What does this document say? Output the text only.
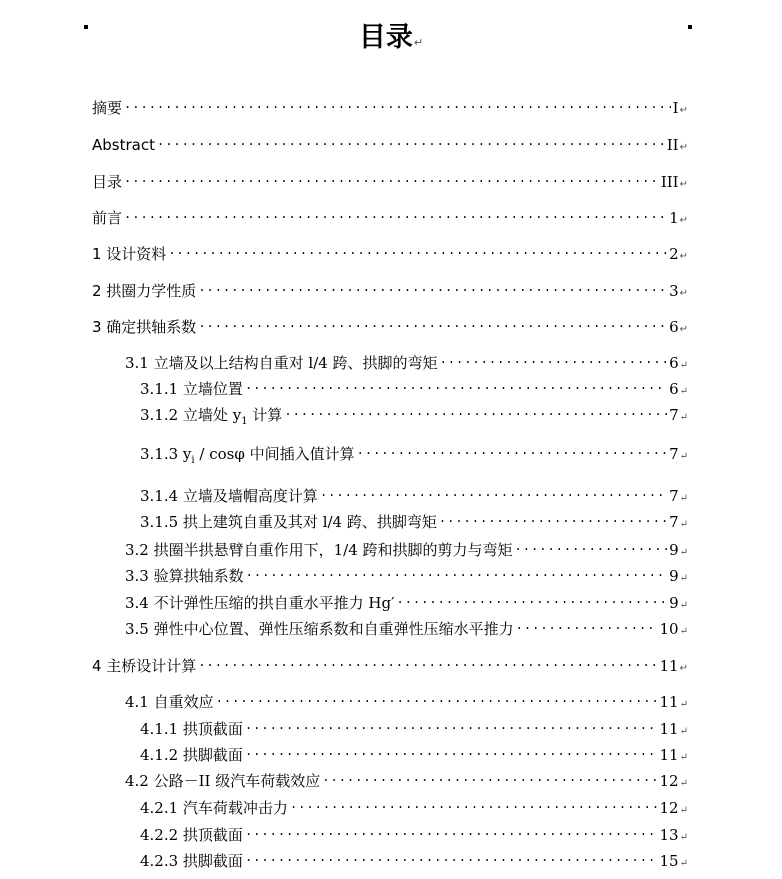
目录↵
摘要 .....	I ↵
Abstract .....	II ↵
目录 .....	III ↵
前言 .....	1 ↵
1 设计资料 .....	2 ↵
2 拱圈力学性质 .....	3 ↵
3 确定拱轴系数 .....	6 ↵
3.1 立墙及以上结构自重对 l/4 跨、拱脚的弯矩 .....	6 ↵
3.1.1 立墙位置 .....	6 ↵
3.1.2 立墙处 $y_1$ 计算 .....	7 ↵
3.1.3 $y_i$ / cosφ 中间插入值计算 .....	7 ↵
3.1.4 立墙及墙帽高度计算 .....	7 ↵
3.1.5 拱上建筑自重及其对 l/4 跨、拱脚弯矩 .....	7 ↵
3.2 拱圈半拱悬臂自重作用下，1/4 跨和拱脚的剪力与弯矩 .....	9 ↵
3.3 验算拱轴系数 .....	9 ↵
3.4 不计弹性压缩的拱自重水平推力 Hg′ .....	9 ↵
3.5 弹性中心位置、弹性压缩系数和自重弹性压缩水平推力 .....	10 ↵
4 主桥设计计算 .....	11 ↵
4.1 自重效应 .....	11 ↵
4.1.1 拱顶截面 .....	11 ↵
4.1.2 拱脚截面 .....	11 ↵
4.2 公路－II 级汽车荷载效应 .....	12 ↵
4.2.1 汽车荷载冲击力 .....	12 ↵
4.2.2 拱顶截面 .....	13 ↵
4.2.3 拱脚截面 .....	15 ↵
